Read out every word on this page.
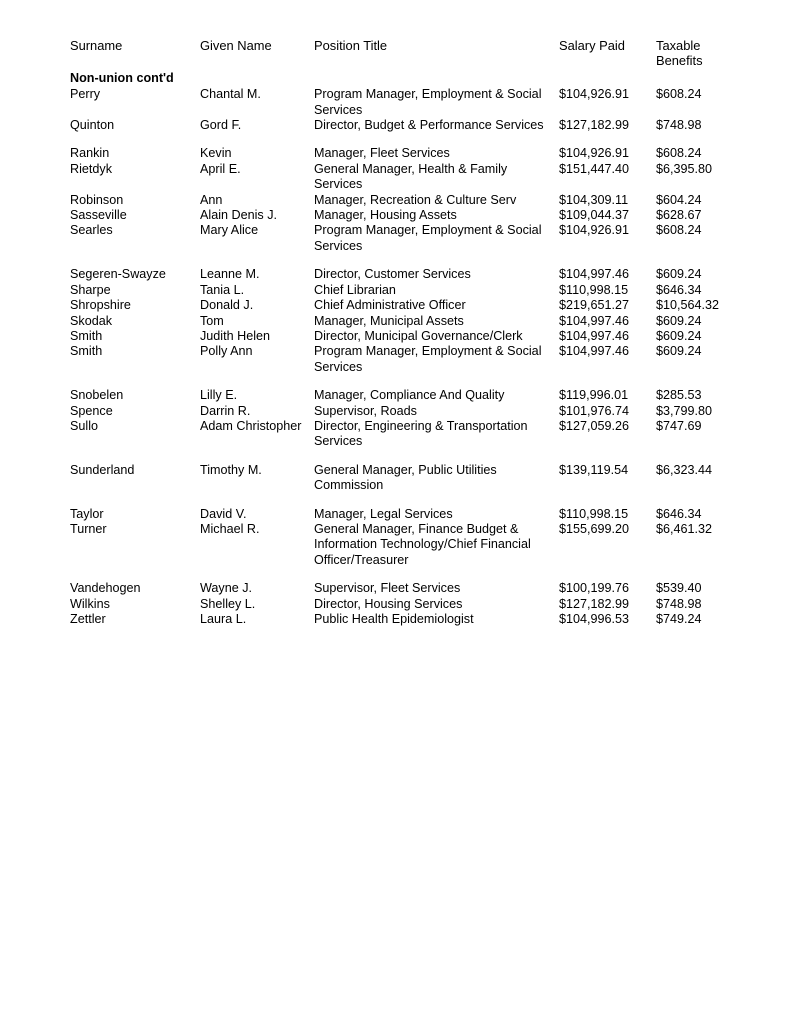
Surname	Given Name	Position Title	Salary Paid	Taxable
Benefits

Non-union cont'd				
Perry	Chantal M.	Program Manager, Employment & Social
Services	$104,926.91	$608.24
Quinton	Gord F.	Director, Budget & Performance Services	$127,182.99	$748.98
Rankin	Kevin	Manager, Fleet Services	$104,926.91	$608.24
Rietdyk	April E.	General Manager, Health & Family
Services	$151,447.40	$6,395.80
Robinson	Ann	Manager, Recreation & Culture Serv	$104,309.11	$604.24
Sasseville	Alain Denis J.	Manager, Housing Assets	$109,044.37	$628.67
Searles	Mary Alice	Program Manager, Employment & Social
Services	$104,926.91	$608.24
Segeren-Swayze	Leanne M.	Director, Customer Services	$104,997.46	$609.24
Sharpe	Tania L.	Chief Librarian	$110,998.15	$646.34
Shropshire	Donald J.	Chief Administrative Officer	$219,651.27	$10,564.32
Skodak	Tom	Manager, Municipal Assets	$104,997.46	$609.24
Smith	Judith Helen	Director, Municipal Governance/Clerk	$104,997.46	$609.24
Smith	Polly Ann	Program Manager, Employment & Social
Services	$104,997.46	$609.24
Snobelen	Lilly E.	Manager, Compliance And Quality	$119,996.01	$285.53
Spence	Darrin R.	Supervisor, Roads	$101,976.74	$3,799.80
Sullo	Adam Christopher	Director, Engineering & Transportation
Services	$127,059.26	$747.69
Sunderland	Timothy M.	General Manager, Public Utilities
Commission	$139,119.54	$6,323.44
Taylor	David V.	Manager, Legal Services	$110,998.15	$646.34
Turner	Michael R.	General Manager, Finance Budget &
Information Technology/Chief Financial
Officer/Treasurer	$155,699.20	$6,461.32
Vandehogen	Wayne J.	Supervisor, Fleet Services	$100,199.76	$539.40
Wilkins	Shelley L.	Director, Housing Services	$127,182.99	$748.98
Zettler	Laura L.	Public Health Epidemiologist	$104,996.53	$749.24
